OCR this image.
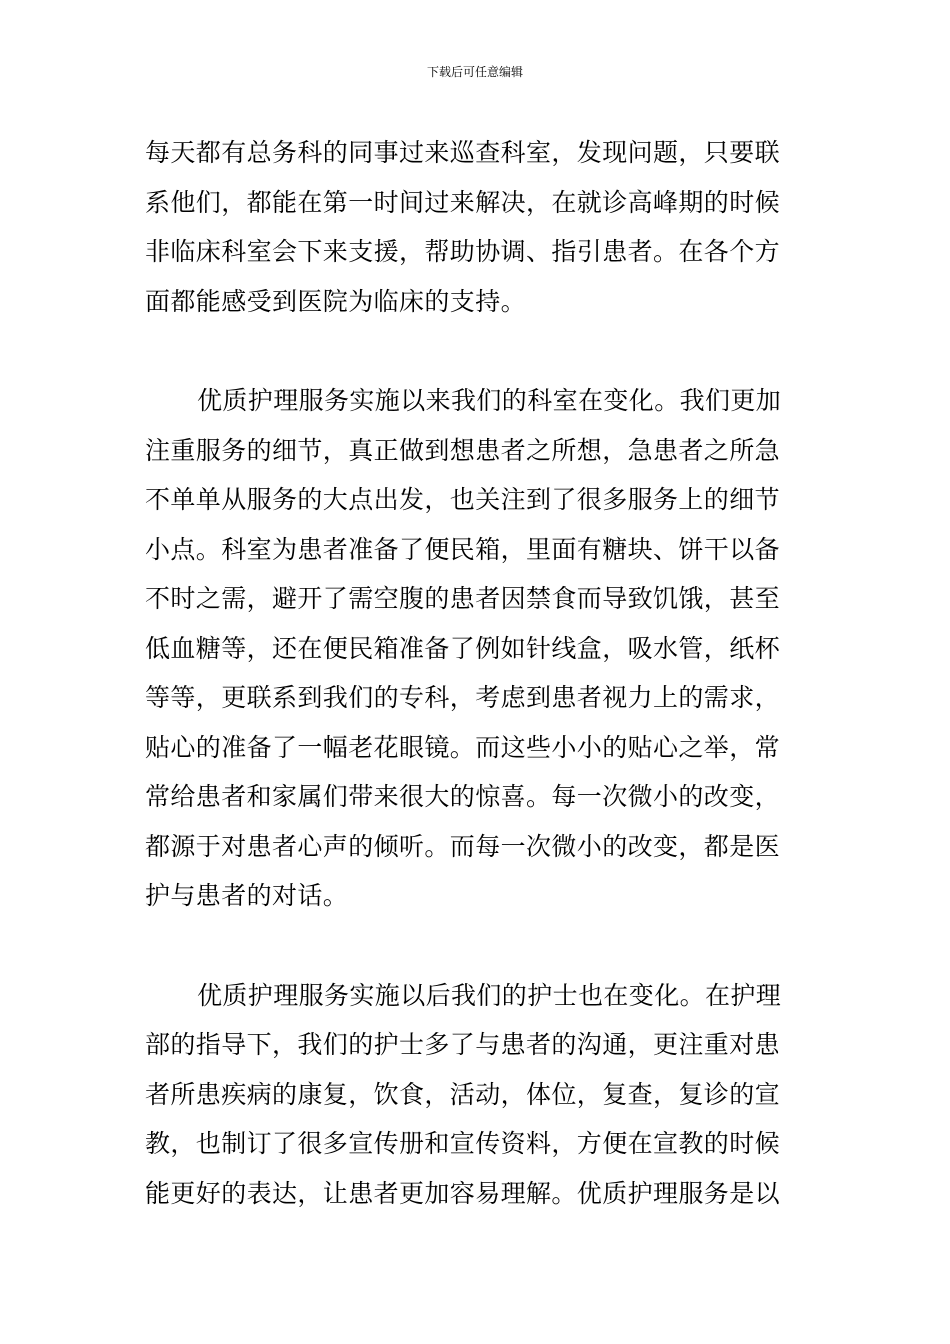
下载后可任意编辑
每天都有总务科的同事过来巡查科室，发现问题，只要联
系他们，都能在第一时间过来解决，在就诊高峰期的时候
非临床科室会下来支援，帮助协调、指引患者。在各个方
面都能感受到医院为临床的支持。
优质护理服务实施以来我们的科室在变化。我们更加
注重服务的细节，真正做到想患者之所想，急患者之所急
不单单从服务的大点出发，也关注到了很多服务上的细节
小点。科室为患者准备了便民箱，里面有糖块、饼干以备
不时之需，避开了需空腹的患者因禁食而导致饥饿，甚至
低血糖等，还在便民箱准备了例如针线盒，吸水管，纸杯
等等，更联系到我们的专科，考虑到患者视力上的需求，
贴心的准备了一幅老花眼镜。而这些小小的贴心之举，常
常给患者和家属们带来很大的惊喜。每一次微小的改变，
都源于对患者心声的倾听。而每一次微小的改变，都是医
护与患者的对话。
优质护理服务实施以后我们的护士也在变化。在护理
部的指导下，我们的护士多了与患者的沟通，更注重对患
者所患疾病的康复，饮食，活动，体位，复查，复诊的宣
教，也制订了很多宣传册和宣传资料，方便在宣教的时候
能更好的表达，让患者更加容易理解。优质护理服务是以
